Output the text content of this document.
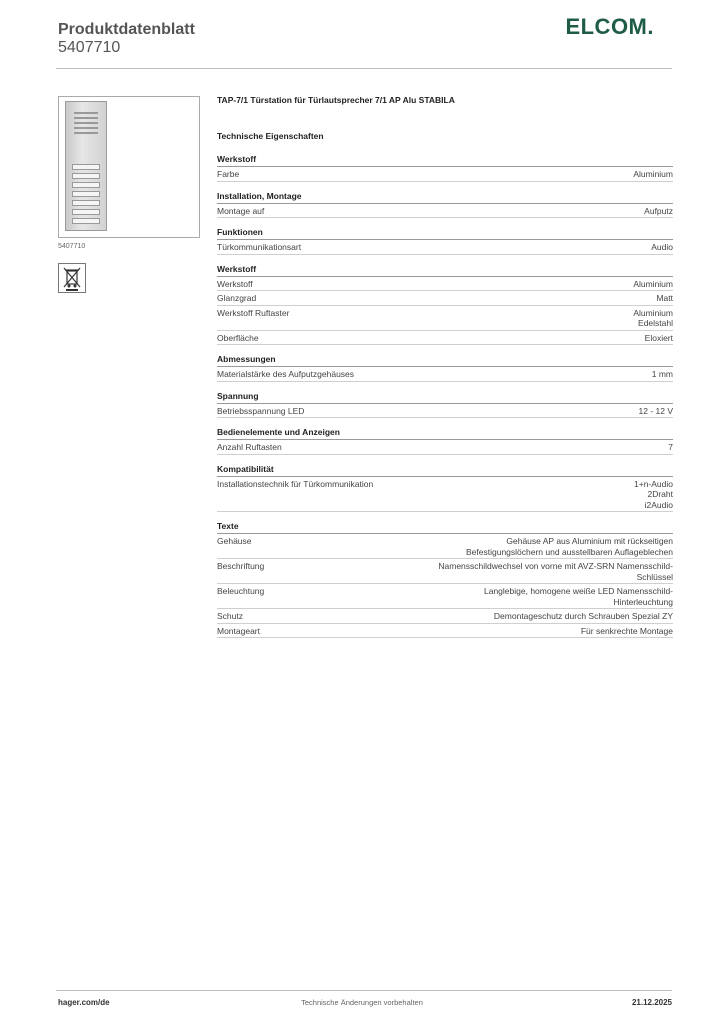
Produktdatenblatt
5407710
ELCOM.
5407710
TAP-7/1 Türstation für Türlautsprecher 7/1 AP Alu STABILA
Technische Eigenschaften
Werkstoff
Farbe	Aluminium
Installation, Montage
Montage auf	Aufputz
Funktionen
Türkommunikationsart	Audio
Werkstoff
Werkstoff	Aluminium
Glanzgrad	Matt
Werkstoff Ruftaster	Aluminium
Edelstahl
Oberfläche	Eloxiert
Abmessungen
Materialstärke des Aufputzgehäuses	1 mm
Spannung
Betriebsspannung LED	12 - 12 V
Bedienelemente und Anzeigen
Anzahl Ruftasten	7
Kompatibilität
Installationstechnik für Türkommunikation	1+n-Audio
2Draht
i2Audio
Texte
Gehäuse	Gehäuse AP aus Aluminium mit rückseitigen
Befestigungslöchern und ausstellbaren Auflageblechen
Beschriftung	Namensschildwechsel von vorne mit AVZ-SRN Namensschild-
Schlüssel
Beleuchtung	Langlebige, homogene weiße LED Namensschild-
Hinterleuchtung
Schutz	Demontageschutz durch Schrauben Spezial ZY
Montageart	Für senkrechte Montage
hager.com/de	Technische Änderungen vorbehalten	21.12.2025
